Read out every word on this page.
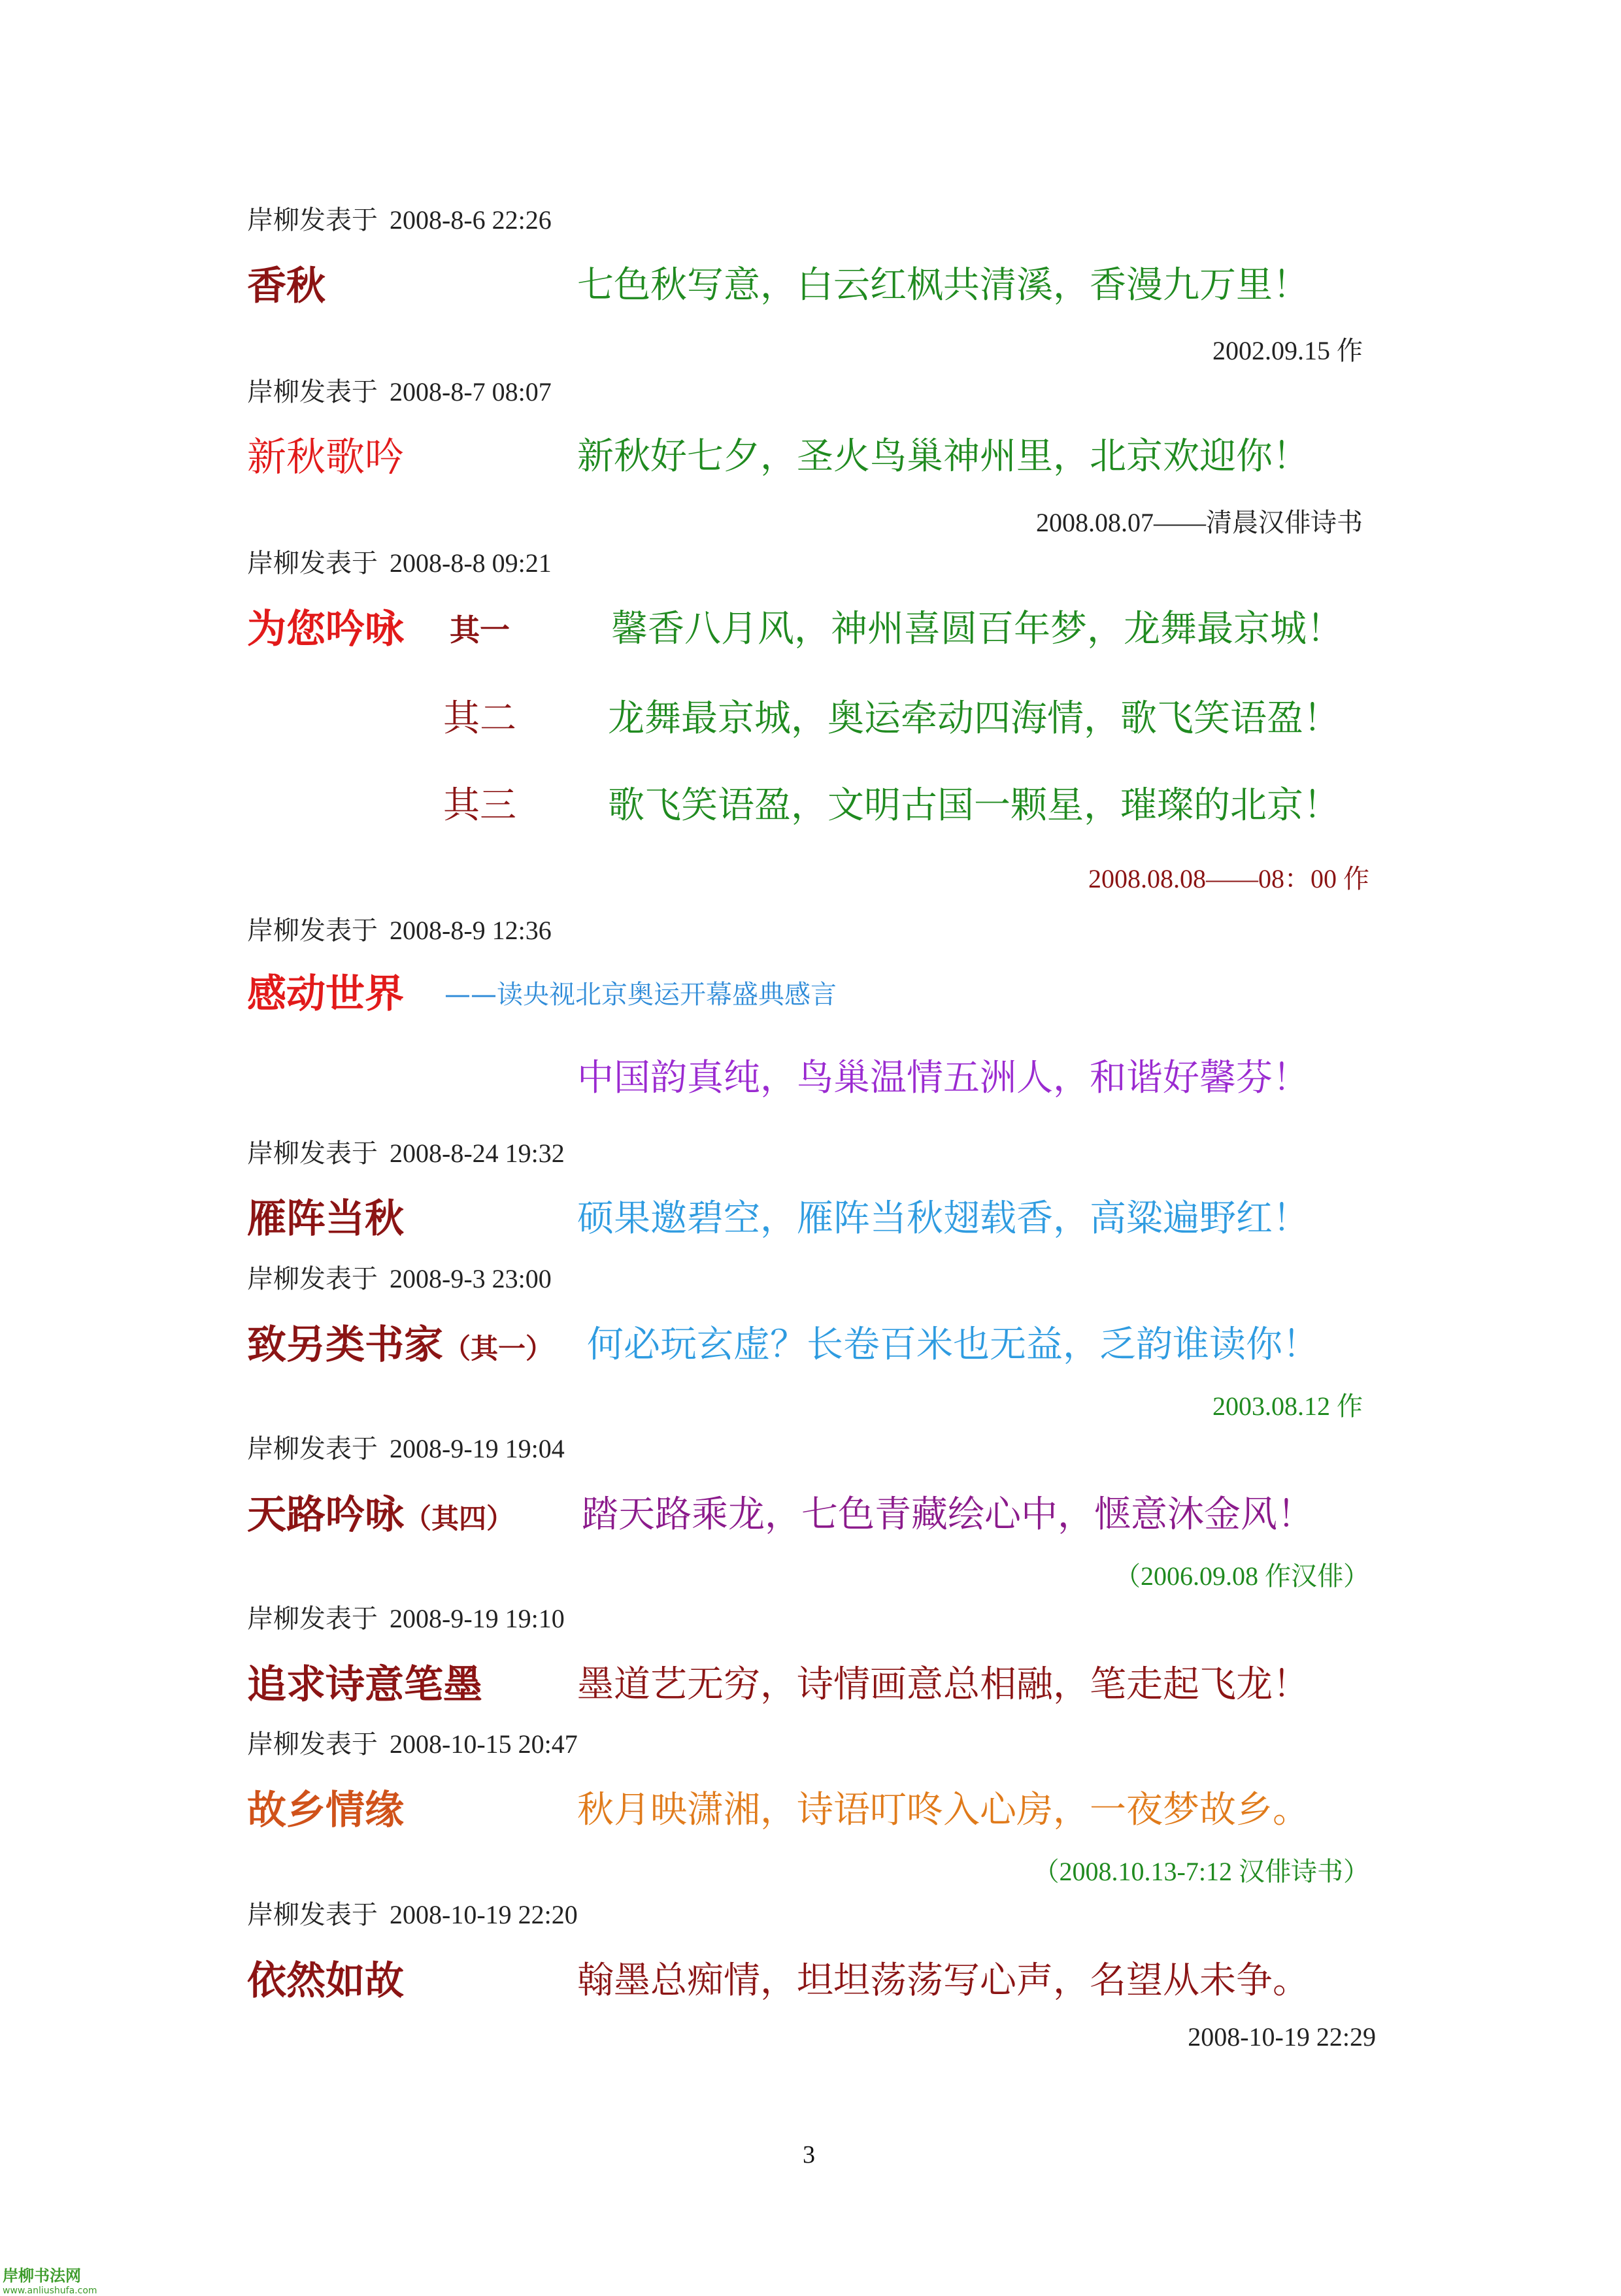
岸柳发表于 2008-8-6 22:26
香秋	七色秋写意，白云红枫共清溪，香漫九万里！
2002.09.15 作
岸柳发表于 2008-8-7 08:07
新秋歌吟	新秋好七夕，圣火鸟巢神州里，北京欢迎你！
2008.08.07——清晨汉俳诗书
岸柳发表于 2008-8-8 09:21
为您吟咏 其一	馨香八月风，神州喜圆百年梦，龙舞最京城！
其二	龙舞最京城，奥运牵动四海情，歌飞笑语盈！
其三	歌飞笑语盈，文明古国一颗星，璀璨的北京！
2008.08.08——08：00 作
岸柳发表于 2008-8-9 12:36
感动世界 ——读央视北京奥运开幕盛典感言
中国韵真纯，鸟巢温情五洲人，和谐好馨芬！
岸柳发表于 2008-8-24 19:32
雁阵当秋	硕果邀碧空，雁阵当秋翅载香，高粱遍野红！
岸柳发表于 2008-9-3 23:00
致另类书家（其一） 何必玩玄虚？长卷百米也无益，乏韵谁读你！
2003.08.12 作
岸柳发表于 2008-9-19 19:04
天路吟咏（其四） 踏天路乘龙，七色青藏绘心中，惬意沐金风！
（2006.09.08 作汉俳）
岸柳发表于 2008-9-19 19:10
追求诗意笔墨	墨道艺无穷，诗情画意总相融，笔走起飞龙！
岸柳发表于 2008-10-15 20:47
故乡情缘	秋月映潇湘，诗语叮咚入心房，一夜梦故乡。
（2008.10.13-7:12 汉俳诗书）
岸柳发表于 2008-10-19 22:20
依然如故	翰墨总痴情，坦坦荡荡写心声，名望从未争。
2008-10-19 22:29
3
岸柳书法网
www.anliushufa.com
